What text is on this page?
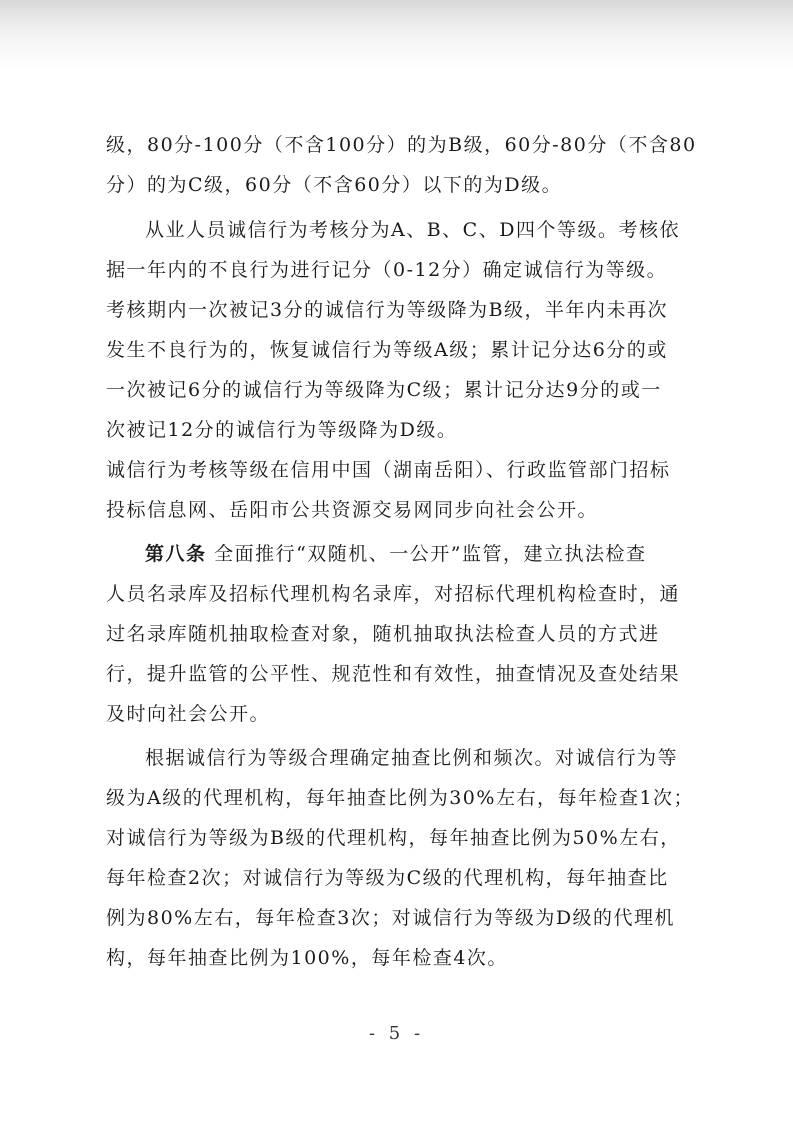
级，80分-100分（不含100分）的为B级，60分-80分（不含80
分）的为C级，60分（不含60分）以下的为D级。
从业人员诚信行为考核分为A、B、C、D四个等级。考核依
据一年内的不良行为进行记分（0-12分）确定诚信行为等级。
考核期内一次被记3分的诚信行为等级降为B级，半年内未再次
发生不良行为的，恢复诚信行为等级A级；累计记分达6分的或
一次被记6分的诚信行为等级降为C级；累计记分达9分的或一
次被记12分的诚信行为等级降为D级。
诚信行为考核等级在信用中国（湖南岳阳）、行政监管部门招标
投标信息网、岳阳市公共资源交易网同步向社会公开。
第八条 全面推行“双随机、一公开”监管，建立执法检查
人员名录库及招标代理机构名录库，对招标代理机构检查时，通
过名录库随机抽取检查对象，随机抽取执法检查人员的方式进
行，提升监管的公平性、规范性和有效性，抽查情况及查处结果
及时向社会公开。
根据诚信行为等级合理确定抽查比例和频次。对诚信行为等
级为A级的代理机构，每年抽查比例为30%左右，每年检查1次；
对诚信行为等级为B级的代理机构，每年抽查比例为50%左右，
每年检查2次；对诚信行为等级为C级的代理机构，每年抽查比
例为80%左右，每年检查3次；对诚信行为等级为D级的代理机
构，每年抽查比例为100%，每年检查4次。
- 5 -
